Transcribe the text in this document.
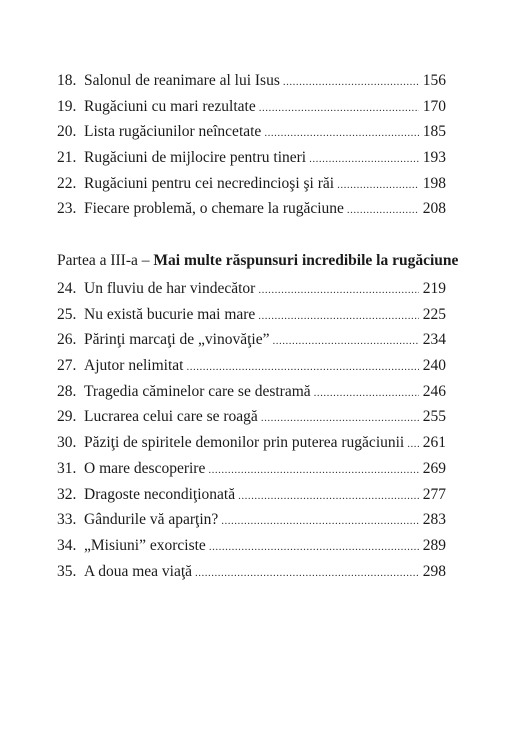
18. Salonul de reanimare al lui Isus .....	156
19. Rugăciuni cu mari rezultate .....	170
20. Lista rugăciunilor neîncetate .....	185
21. Rugăciuni de mijlocire pentru tineri .....	193
22. Rugăciuni pentru cei necredincioşi şi răi .....	198
23. Fiecare problemă, o chemare la rugăciune .....	208
Partea a III-a – Mai multe răspunsuri incredibile la rugăciune
24. Un fluviu de har vindecător .....	219
25. Nu există bucurie mai mare .....	225
26. Părinţi marcaţi de „vinovăţie” .....	234
27. Ajutor nelimitat .....	240
28. Tragedia căminelor care se destramă .....	246
29. Lucrarea celui care se roagă .....	255
30. Păziţi de spiritele demonilor prin puterea rugăciunii ..... 261
31. O mare descoperire .....	269
32. Dragoste necondiţionată .....	277
33. Gândurile vă aparţin? .....	283
34. „Misiuni” exorciste .....	289
35. A doua mea viaţă .....	298
